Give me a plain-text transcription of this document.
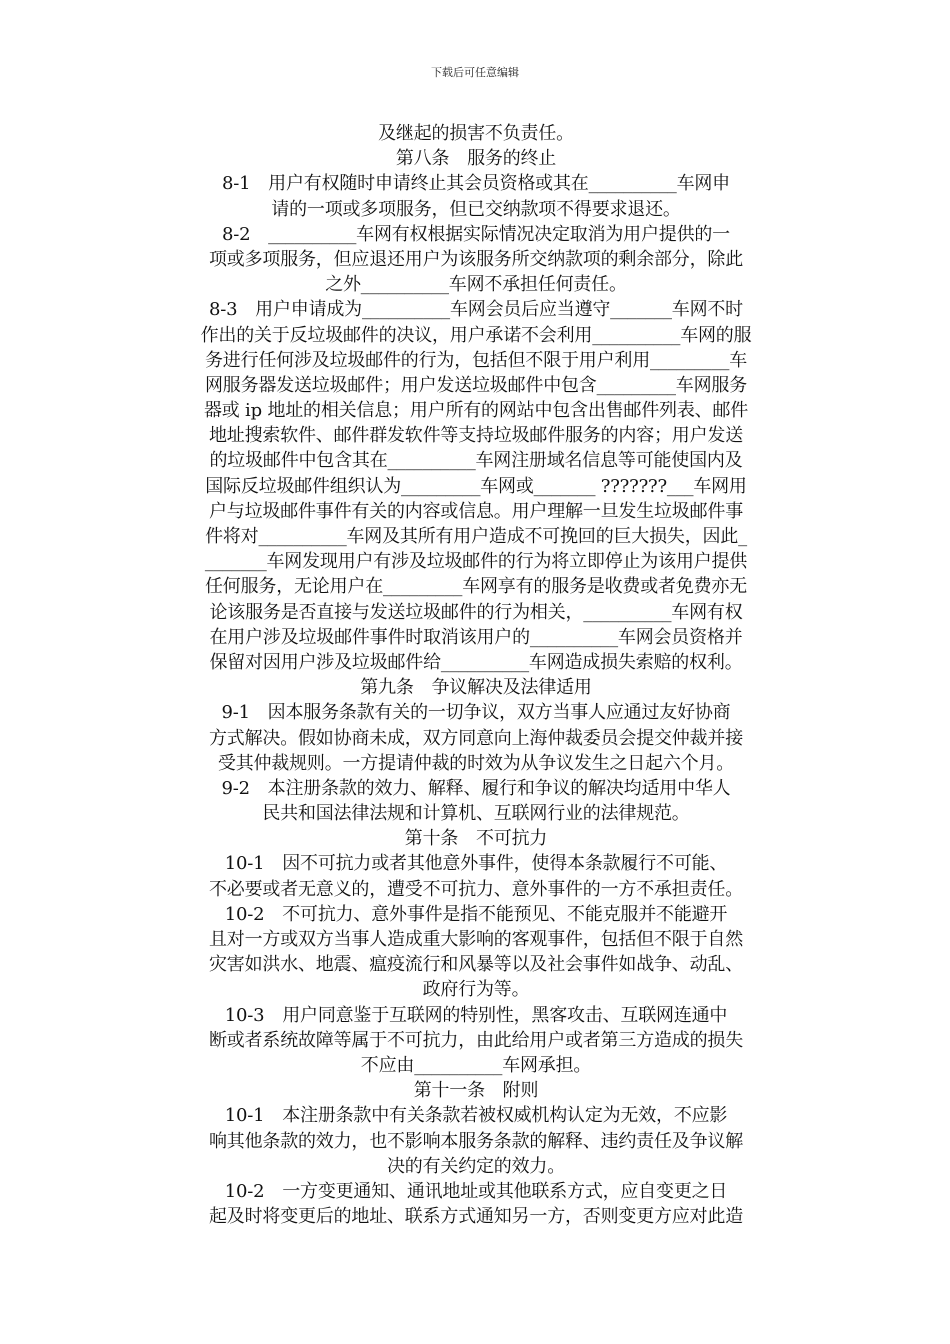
下载后可任意编辑
及继起的损害不负责任。
第八条　服务的终止
8-1　用户有权随时申请终止其会员资格或其在__________车网申
请的一项或多项服务，但已交纳款项不得要求退还。
8-2　__________车网有权根据实际情况决定取消为用户提供的一
项或多项服务，但应退还用户为该服务所交纳款项的剩余部分，除此
之外__________车网不承担任何责任。
8-3　用户申请成为__________车网会员后应当遵守_______车网不时
作出的关于反垃圾邮件的决议，用户承诺不会利用__________车网的服
务进行任何涉及垃圾邮件的行为，包括但不限于用户利用_________车
网服务器发送垃圾邮件；用户发送垃圾邮件中包含_________车网服务
器或 ip 地址的相关信息；用户所有的网站中包含出售邮件列表、邮件
地址搜索软件、邮件群发软件等支持垃圾邮件服务的内容；用户发送
的垃圾邮件中包含其在__________车网注册域名信息等可能使国内及
国际反垃圾邮件组织认为_________车网或_______ ???????___车网用
户与垃圾邮件事件有关的内容或信息。用户理解一旦发生垃圾邮件事
件将对__________车网及其所有用户造成不可挽回的巨大损失，因此_
_______车网发现用户有涉及垃圾邮件的行为将立即停止为该用户提供
任何服务，无论用户在_________车网享有的服务是收费或者免费亦无
论该服务是否直接与发送垃圾邮件的行为相关，__________车网有权
在用户涉及垃圾邮件事件时取消该用户的__________车网会员资格并
保留对因用户涉及垃圾邮件给__________车网造成损失索赔的权利。
第九条　争议解决及法律适用
9-1　因本服务条款有关的一切争议，双方当事人应通过友好协商
方式解决。假如协商未成，双方同意向上海仲裁委员会提交仲裁并接
受其仲裁规则。一方提请仲裁的时效为从争议发生之日起六个月。
9-2　本注册条款的效力、解释、履行和争议的解决均适用中华人
民共和国法律法规和计算机、互联网行业的法律规范。
第十条　不可抗力
10-1　因不可抗力或者其他意外事件，使得本条款履行不可能、
不必要或者无意义的，遭受不可抗力、意外事件的一方不承担责任。
10-2　不可抗力、意外事件是指不能预见、不能克服并不能避开
且对一方或双方当事人造成重大影响的客观事件，包括但不限于自然
灾害如洪水、地震、瘟疫流行和风暴等以及社会事件如战争、动乱、
政府行为等。
10-3　用户同意鉴于互联网的特别性，黑客攻击、互联网连通中
断或者系统故障等属于不可抗力，由此给用户或者第三方造成的损失
不应由__________车网承担。
第十一条　附则
10-1　本注册条款中有关条款若被权威机构认定为无效，不应影
响其他条款的效力，也不影响本服务条款的解释、违约责任及争议解
决的有关约定的效力。
10-2　一方变更通知、通讯地址或其他联系方式，应自变更之日
起及时将变更后的地址、联系方式通知另一方，否则变更方应对此造
